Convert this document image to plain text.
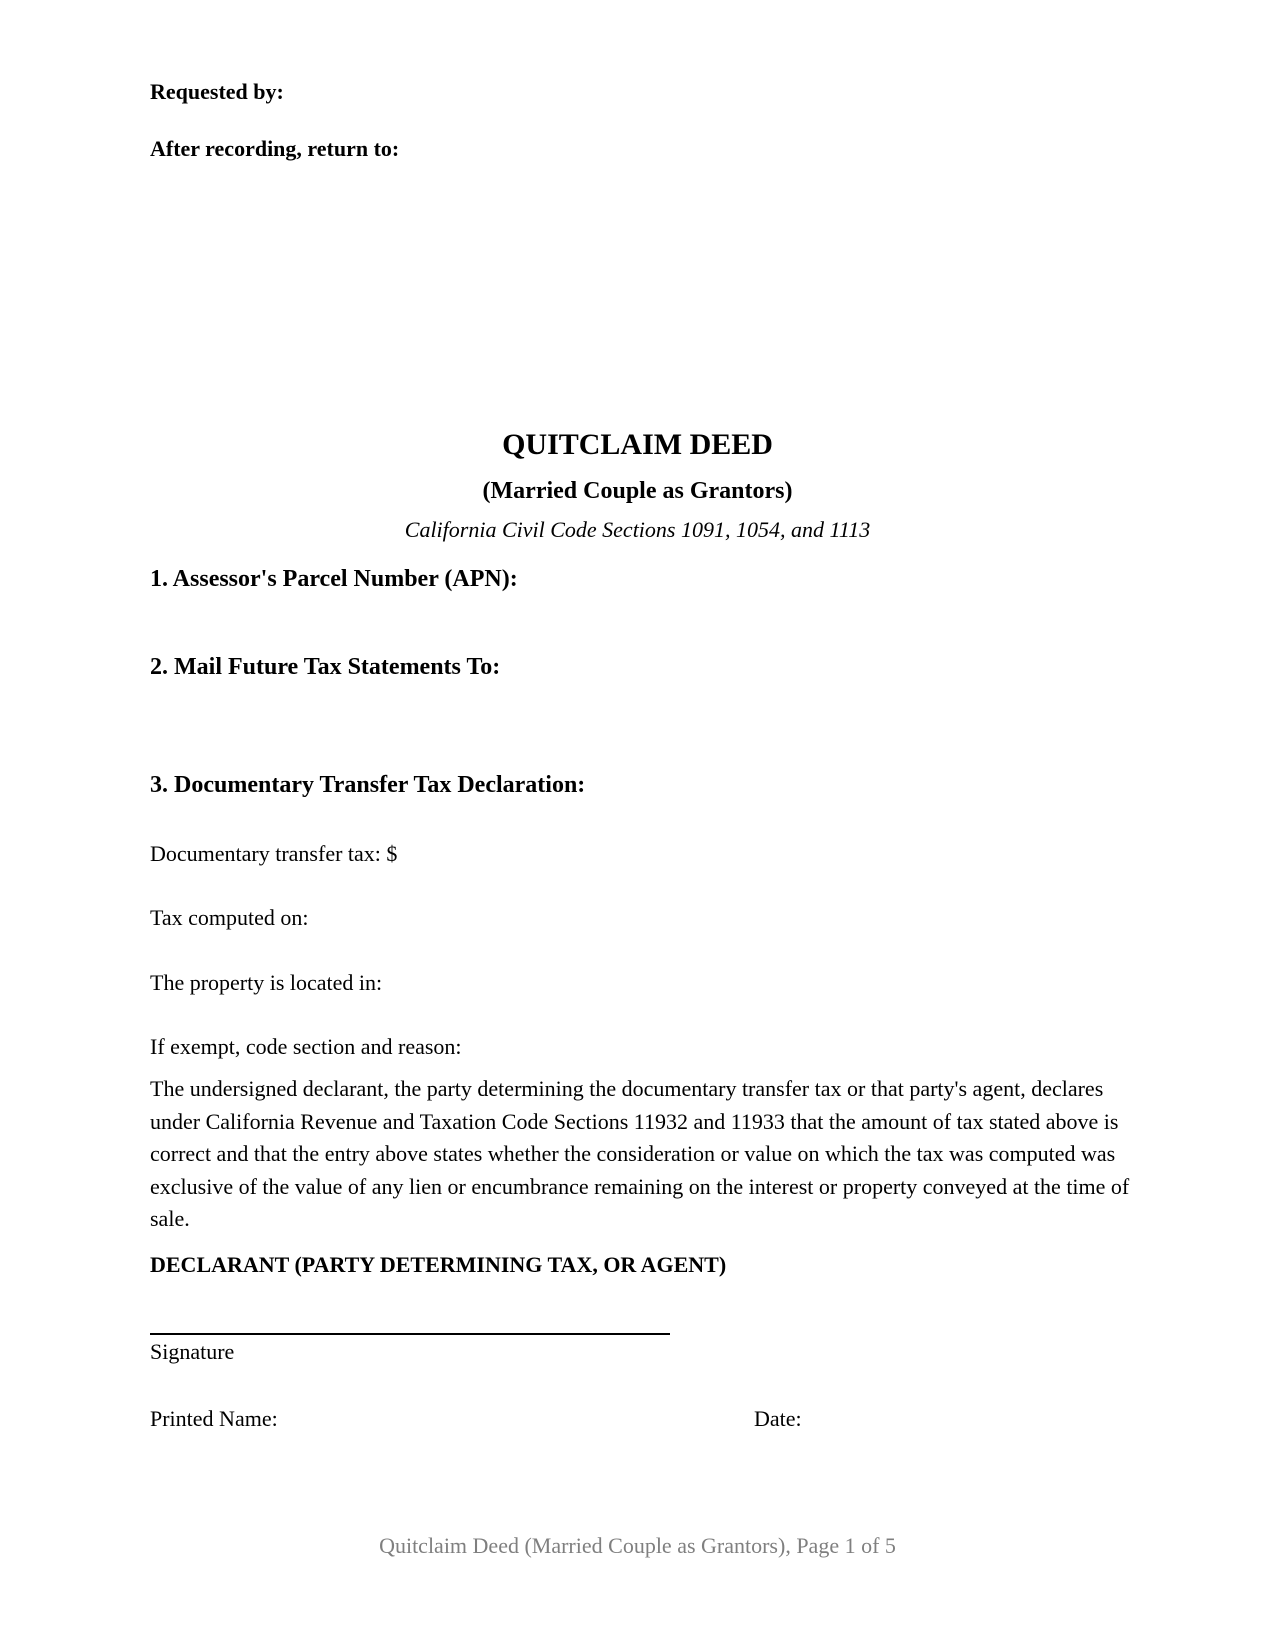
Requested by:
After recording, return to:
QUITCLAIM DEED
(Married Couple as Grantors)
California Civil Code Sections 1091, 1054, and 1113
1. Assessor's Parcel Number (APN):
2. Mail Future Tax Statements To:
3. Documentary Transfer Tax Declaration:
Documentary transfer tax: $
Tax computed on:
The property is located in:
If exempt, code section and reason:
The undersigned declarant, the party determining the documentary transfer tax or that party's agent, declares under California Revenue and Taxation Code Sections 11932 and 11933 that the amount of tax stated above is correct and that the entry above states whether the consideration or value on which the tax was computed was exclusive of the value of any lien or encumbrance remaining on the interest or property conveyed at the time of sale.
DECLARANT (PARTY DETERMINING TAX, OR AGENT)
Signature
Printed Name:	Date:
Quitclaim Deed (Married Couple as Grantors), Page 1 of 5
